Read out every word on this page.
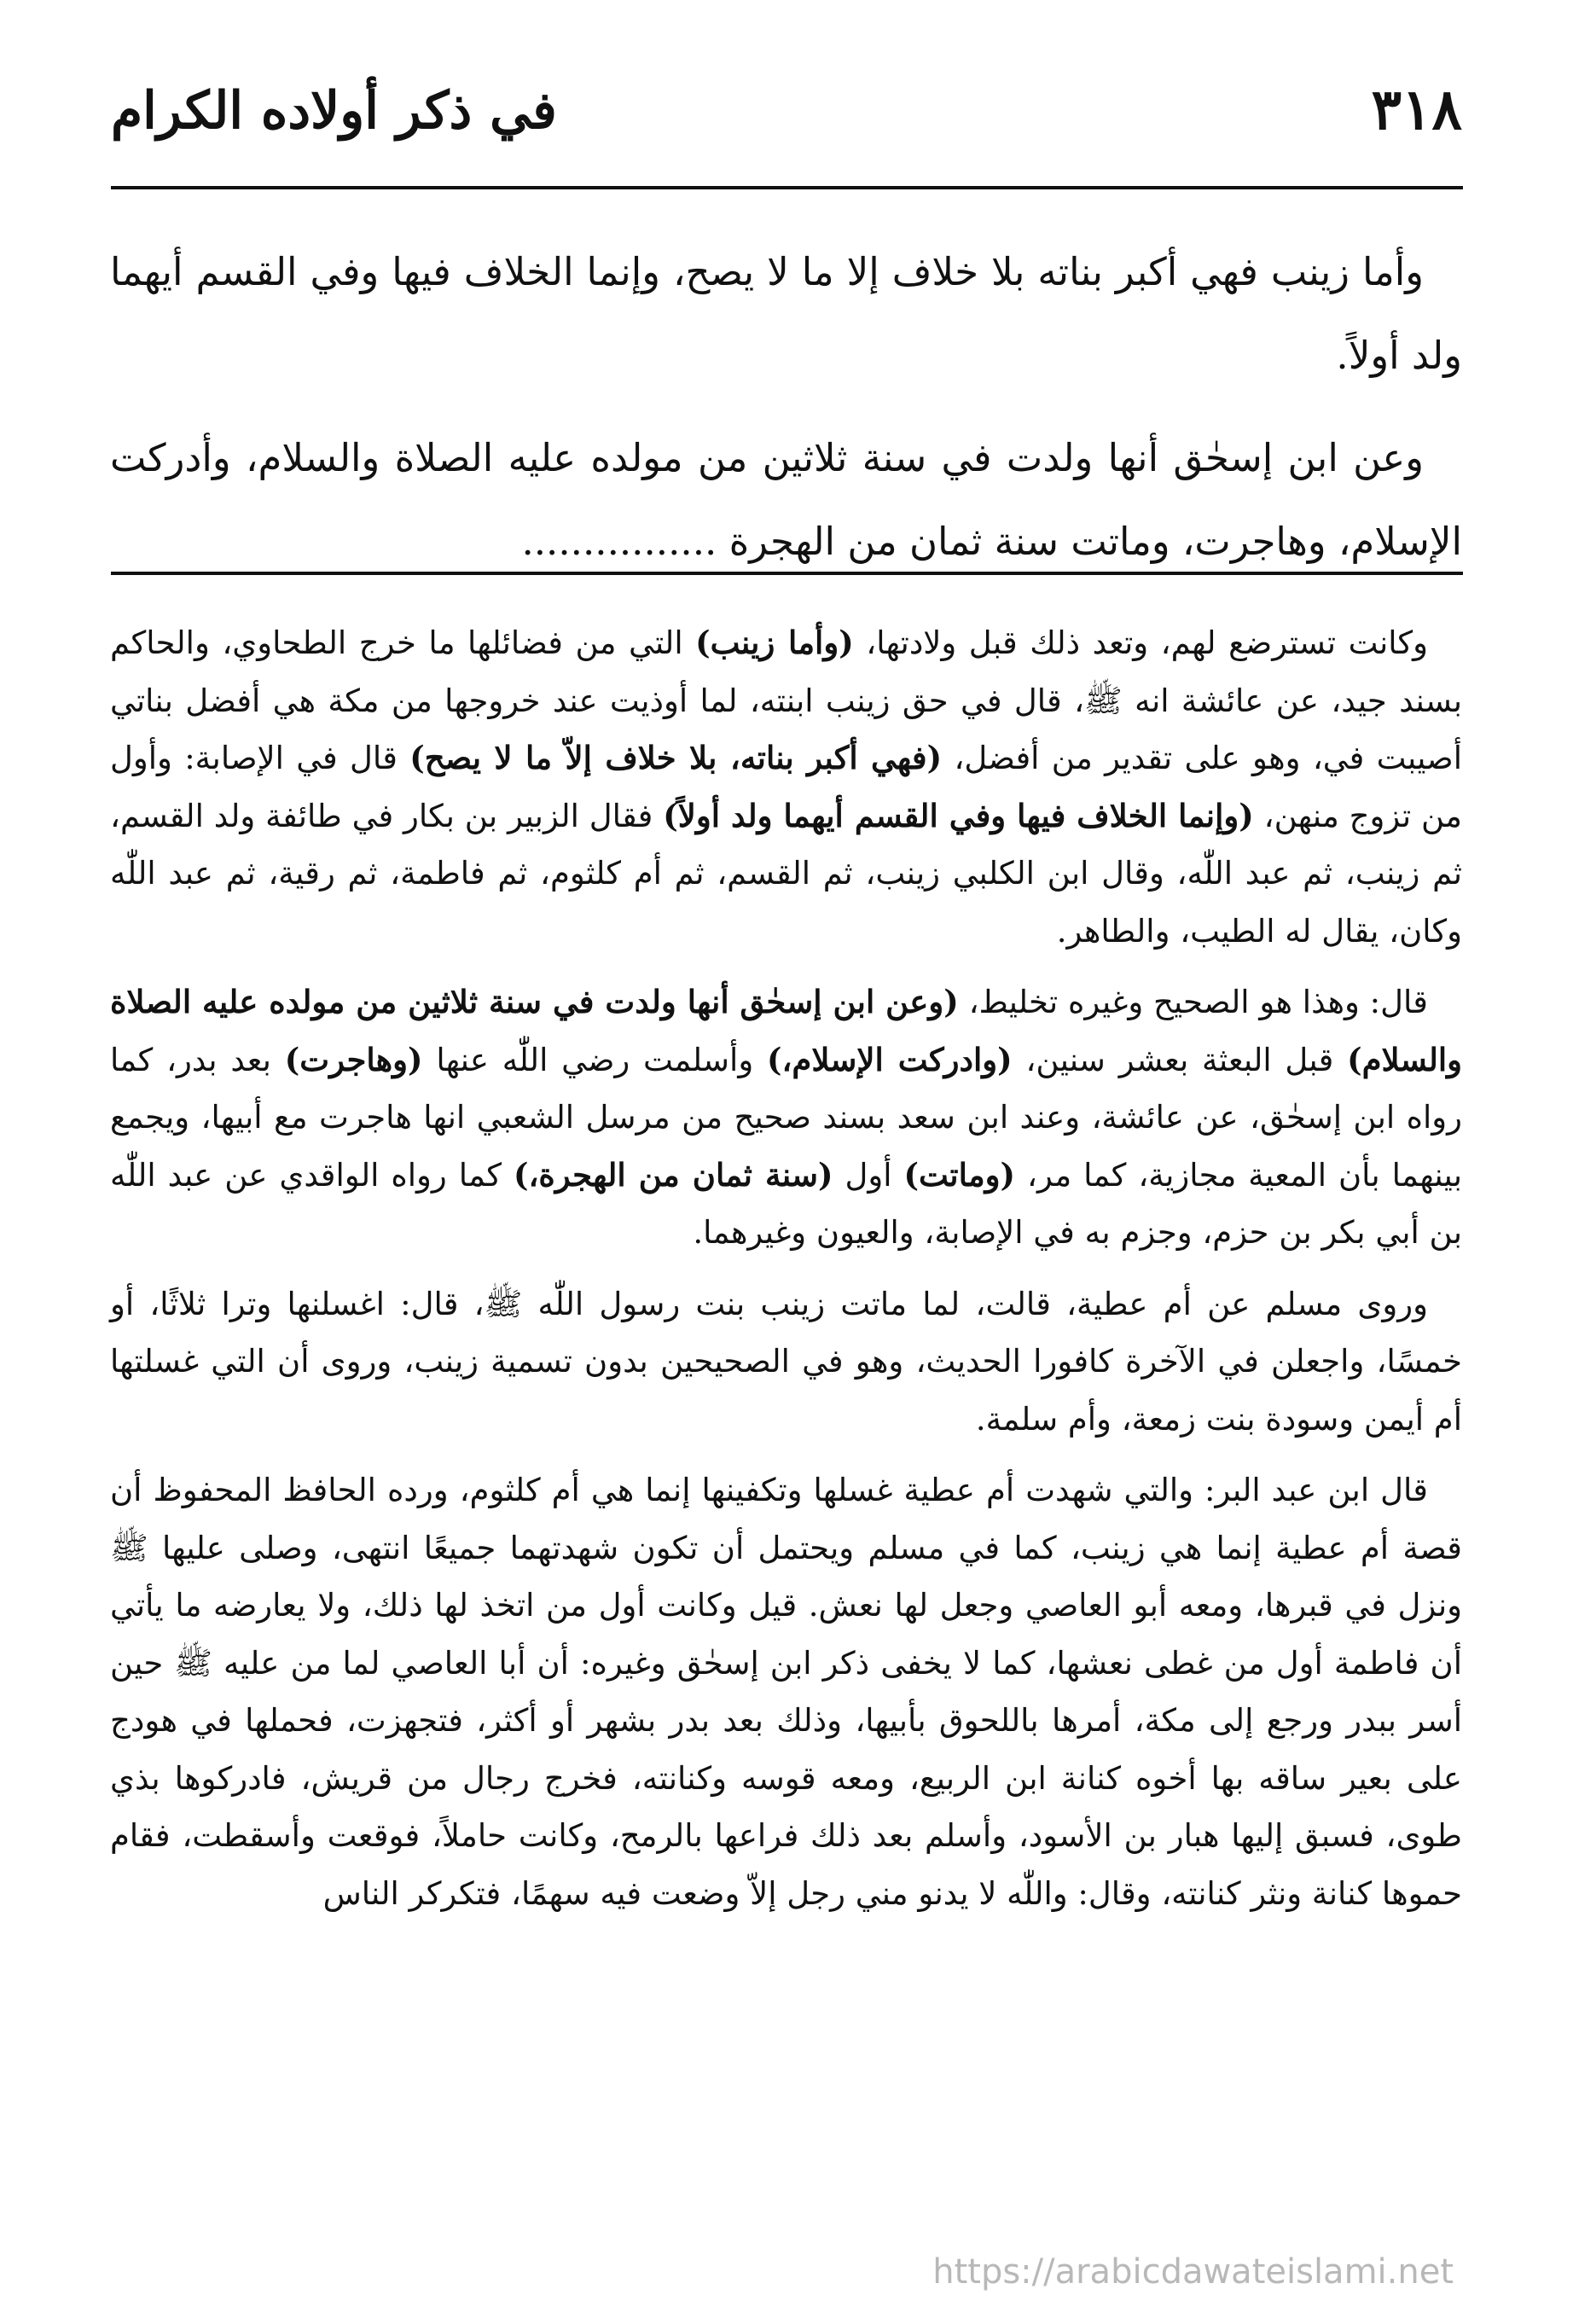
٣١٨
في ذكر أولاده الكرام

وأما زينب فهي أكبر بناته بلا خلاف إلا ما لا يصح، وإنما الخلاف فيها وفي القسم أيهما ولد أولاً.

وعن ابن إسحٰق أنها ولدت في سنة ثلاثين من مولده عليه الصلاة والسلام، وأدركت الإسلام، وهاجرت، وماتت سنة ثمان من الهجرة ................

وكانت تسترضع لهم، وتعد ذلك قبل ولادتها، (وأما زينب) التي من فضائلها ما خرج الطحاوي، والحاكم بسند جيد، عن عائشة انه ﷺ، قال في حق زينب ابنته، لما أوذيت عند خروجها من مكة هي أفضل بناتي أصيبت في، وهو على تقدير من أفضل، (فهي أكبر بناته، بلا خلاف إلاّ ما لا يصح) قال في الإصابة: وأول من تزوج منهن، (وإنما الخلاف فيها وفي القسم أيهما ولد أولاً) فقال الزبير بن بكار في طائفة ولد القسم، ثم زينب، ثم عبد اللّٰه، وقال ابن الكلبي زينب، ثم القسم، ثم أم كلثوم، ثم فاطمة، ثم رقية، ثم عبد اللّٰه وكان، يقال له الطيب، والطاهر.

قال: وهذا هو الصحيح وغيره تخليط، (وعن ابن إسحٰق أنها ولدت في سنة ثلاثين من مولده عليه الصلاة والسلام) قبل البعثة بعشر سنين، (وادركت الإسلام،) وأسلمت رضي اللّٰه عنها (وهاجرت) بعد بدر، كما رواه ابن إسحٰق، عن عائشة، وعند ابن سعد بسند صحيح من مرسل الشعبي انها هاجرت مع أبيها، ويجمع بينهما بأن المعية مجازية، كما مر، (وماتت) أول (سنة ثمان من الهجرة،) كما رواه الواقدي عن عبد اللّٰه بن أبي بكر بن حزم، وجزم به في الإصابة، والعيون وغيرهما.

وروى مسلم عن أم عطية، قالت، لما ماتت زينب بنت رسول اللّٰه ﷺ، قال: اغسلنها وترا ثلاثًا، أو خمسًا، واجعلن في الآخرة كافورا الحديث، وهو في الصحيحين بدون تسمية زينب، وروى أن التي غسلتها أم أيمن وسودة بنت زمعة، وأم سلمة.

قال ابن عبد البر: والتي شهدت أم عطية غسلها وتكفينها إنما هي أم كلثوم، ورده الحافظ المحفوظ أن قصة أم عطية إنما هي زينب، كما في مسلم ويحتمل أن تكون شهدتهما جميعًا انتهى، وصلى عليها ﷺ ونزل في قبرها، ومعه أبو العاصي وجعل لها نعش. قيل وكانت أول من اتخذ لها ذلك، ولا يعارضه ما يأتي أن فاطمة أول من غطى نعشها، كما لا يخفى ذكر ابن إسحٰق وغيره: أن أبا العاصي لما من عليه ﷺ حين أسر ببدر ورجع إلى مكة، أمرها باللحوق بأبيها، وذلك بعد بدر بشهر أو أكثر، فتجهزت، فحملها في هودج على بعير ساقه بها أخوه كنانة ابن الربيع، ومعه قوسه وكنانته، فخرج رجال من قريش، فادركوها بذي طوى، فسبق إليها هبار بن الأسود، وأسلم بعد ذلك فراعها بالرمح، وكانت حاملاً، فوقعت وأسقطت، فقام حموها كنانة ونثر كنانته، وقال: واللّٰه لا يدنو مني رجل إلاّ وضعت فيه سهمًا، فتكركر الناس

https://arabicdawateislami.net
